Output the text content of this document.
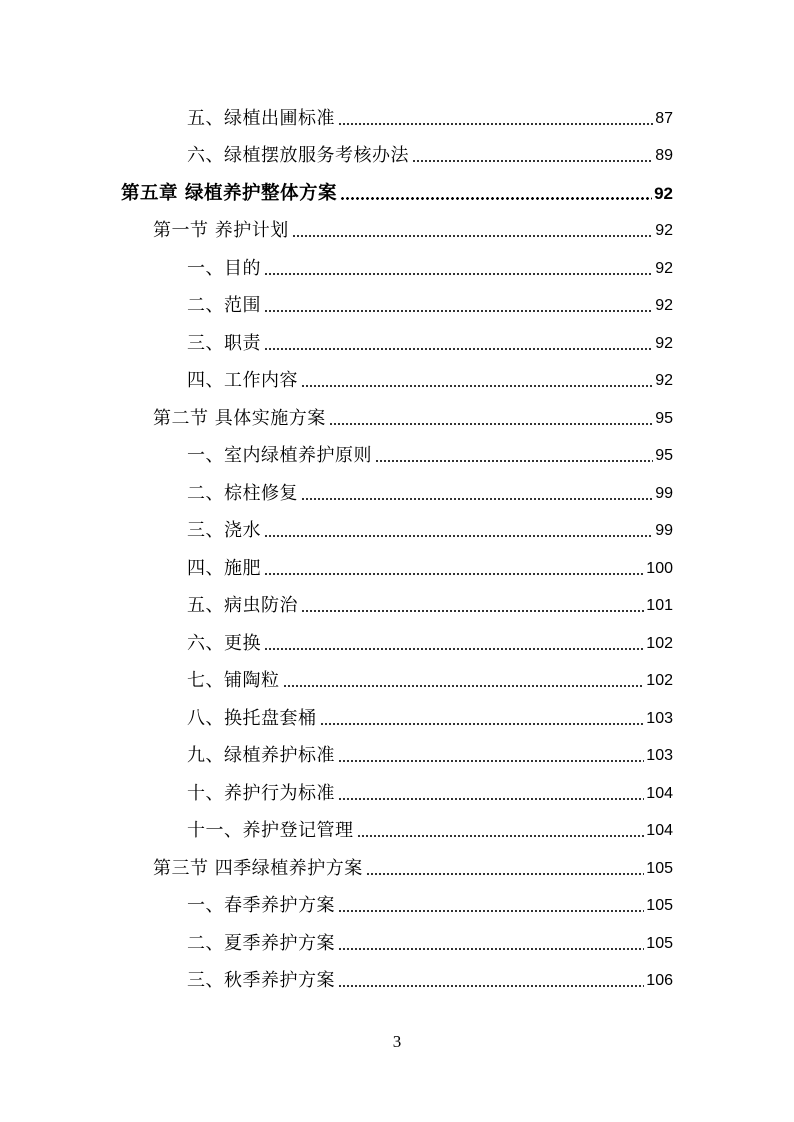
五、绿植出圃标准	87
六、绿植摆放服务考核办法	89
第五章 绿植养护整体方案	92
第一节 养护计划	92
一、目的	92
二、范围	92
三、职责	92
四、工作内容	92
第二节 具体实施方案	95
一、室内绿植养护原则	95
二、棕柱修复	99
三、浇水	99
四、施肥	100
五、病虫防治	101
六、更换	102
七、铺陶粒	102
八、换托盘套桶	103
九、绿植养护标准	103
十、养护行为标准	104
十一、养护登记管理	104
第三节 四季绿植养护方案	105
一、春季养护方案	105
二、夏季养护方案	105
三、秋季养护方案	106
3
